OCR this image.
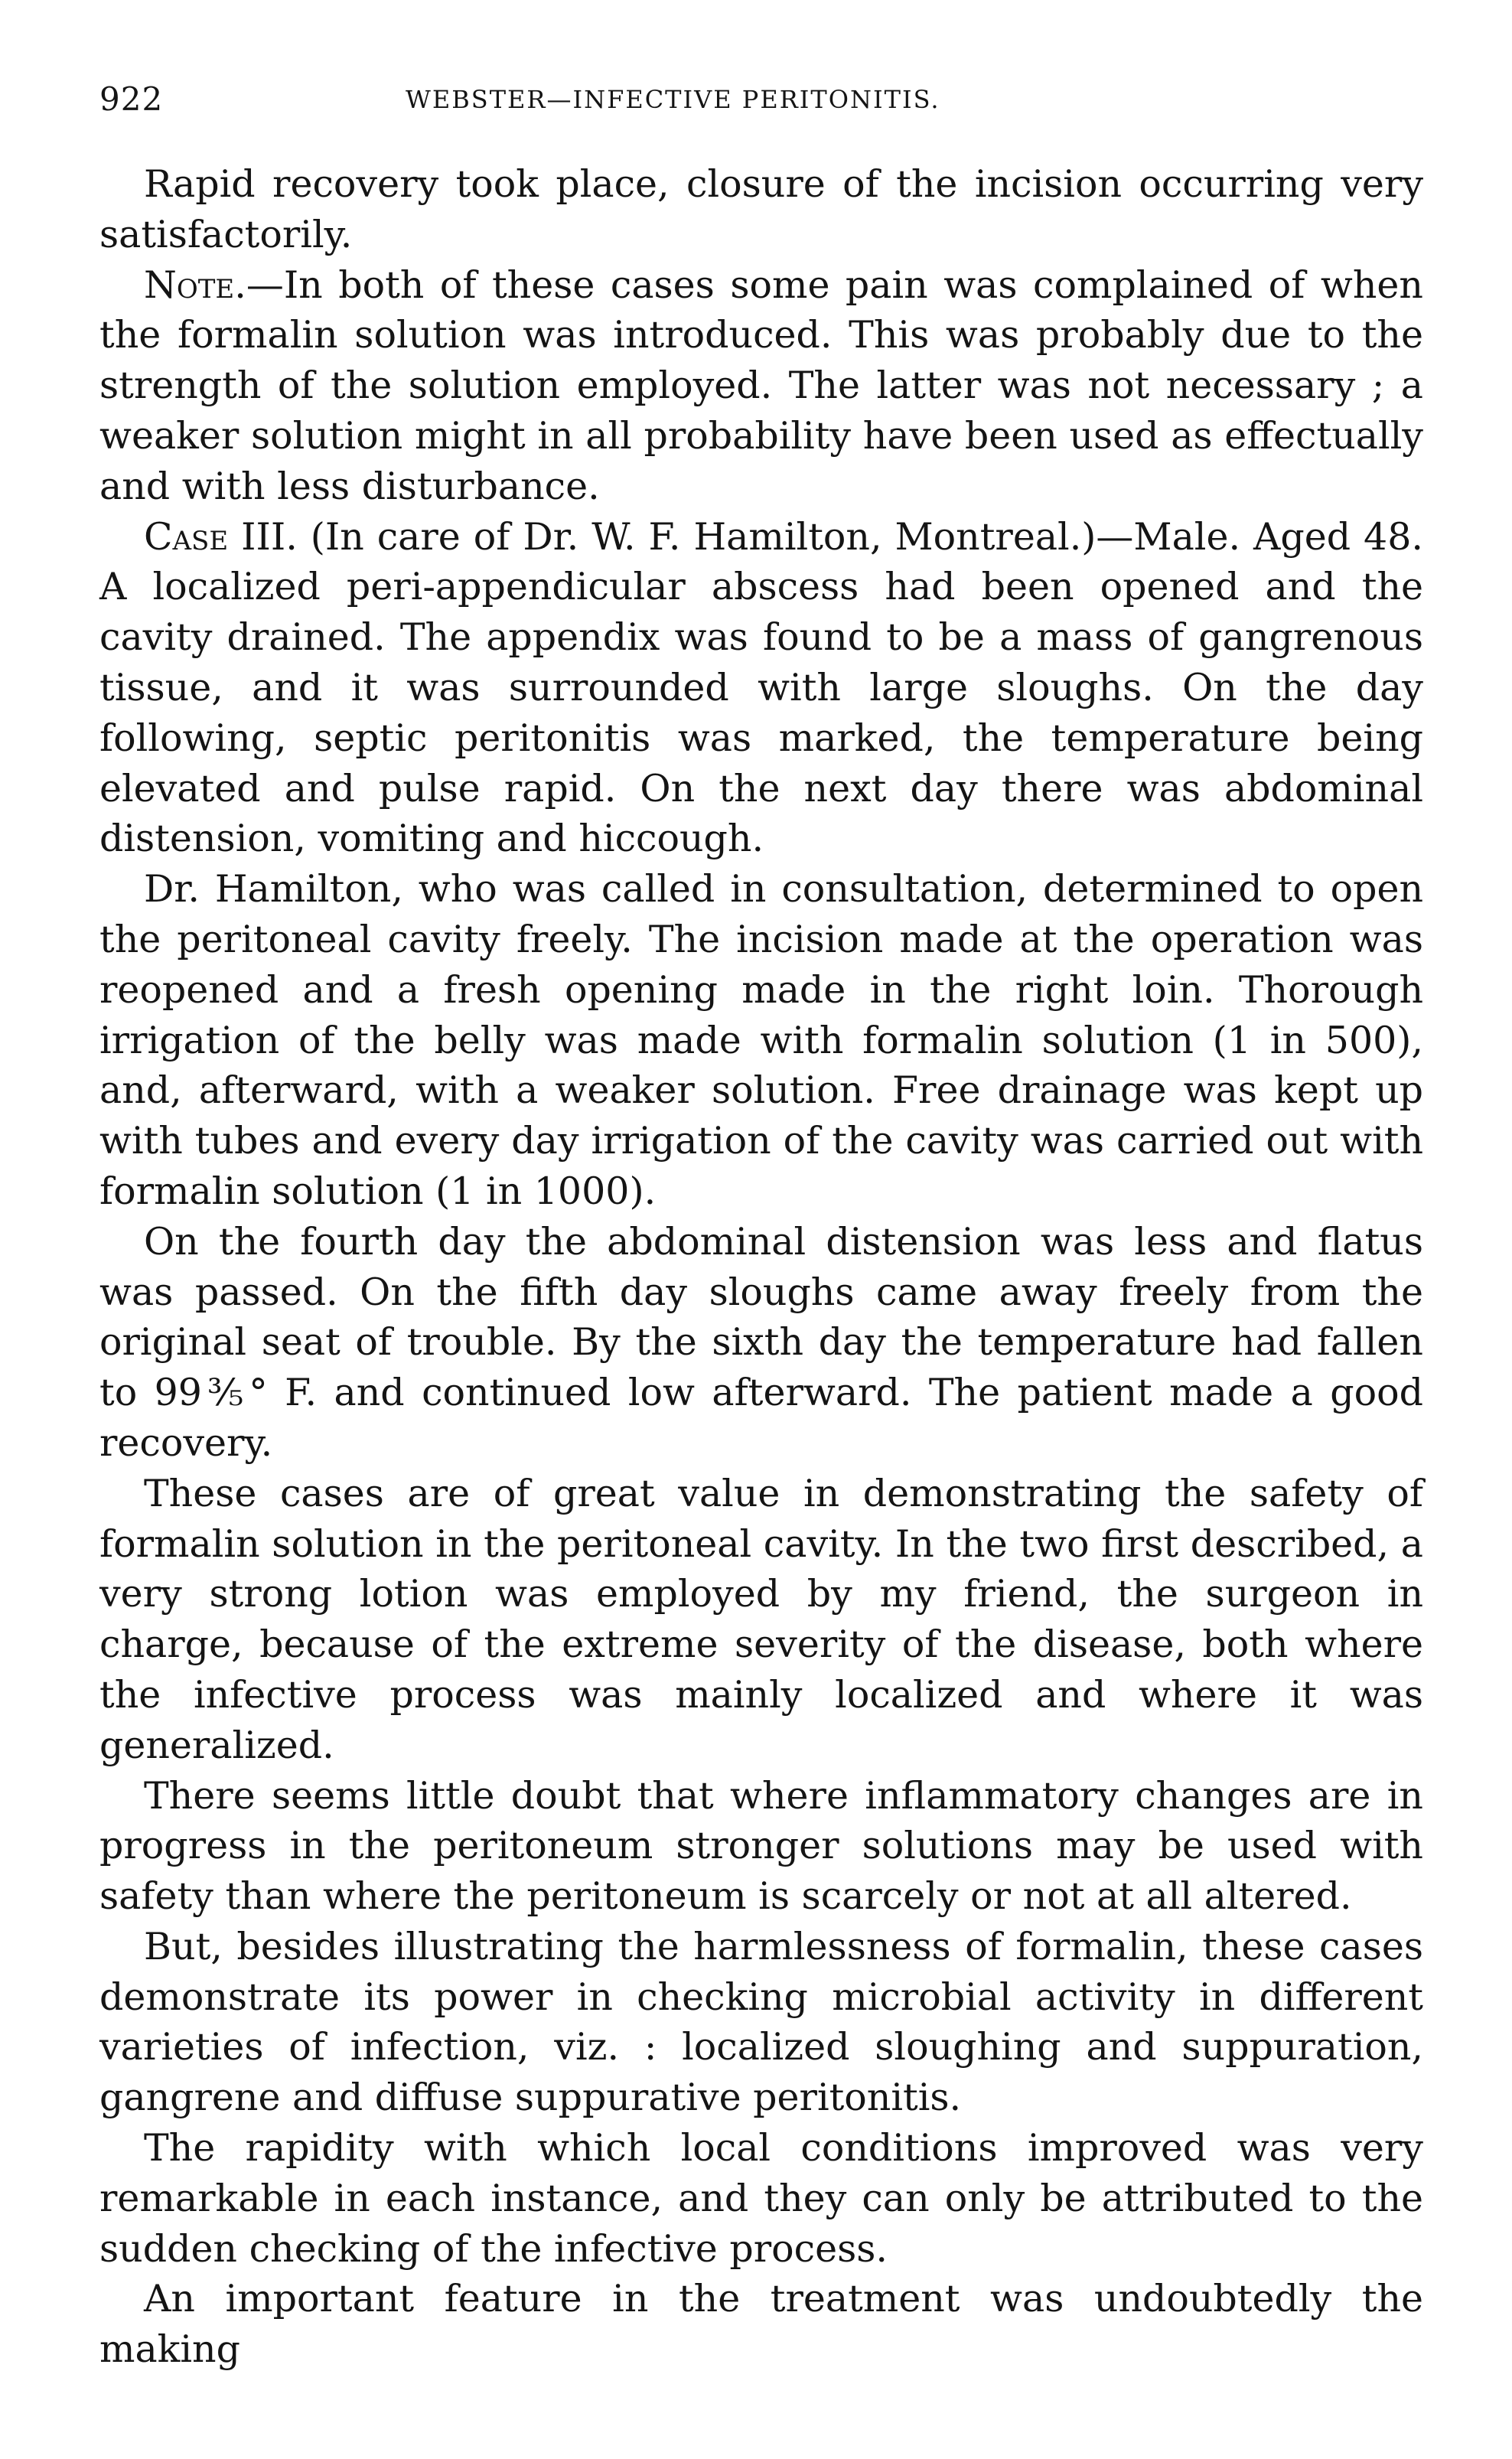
922	WEBSTER—INFECTIVE PERITONITIS.

Rapid recovery took place, closure of the incision occurring very satisfactorily.

Note.—In both of these cases some pain was complained of when the formalin solution was introduced. This was probably due to the strength of the solution employed. The latter was not necessary ; a weaker solution might in all probability have been used as effectually and with less disturbance.

Case III. (In care of Dr. W. F. Hamilton, Montreal.)—Male. Aged 48. A localized peri-appendicular abscess had been opened and the cavity drained. The appendix was found to be a mass of gangrenous tissue, and it was surrounded with large sloughs. On the day following, septic peritonitis was marked, the temperature being elevated and pulse rapid. On the next day there was abdominal distension, vomiting and hiccough.

Dr. Hamilton, who was called in consultation, determined to open the peritoneal cavity freely. The incision made at the operation was reopened and a fresh opening made in the right loin. Thorough irrigation of the belly was made with formalin solution (1 in 500), and, afterward, with a weaker solution. Free drainage was kept up with tubes and every day irrigation of the cavity was carried out with formalin solution (1 in 1000).

On the fourth day the abdominal distension was less and flatus was passed. On the fifth day sloughs came away freely from the original seat of trouble. By the sixth day the temperature had fallen to 99⅗° F. and continued low afterward. The patient made a good recovery.

These cases are of great value in demonstrating the safety of formalin solution in the peritoneal cavity. In the two first described, a very strong lotion was employed by my friend, the surgeon in charge, because of the extreme severity of the disease, both where the infective process was mainly localized and where it was generalized.

There seems little doubt that where inflammatory changes are in progress in the peritoneum stronger solutions may be used with safety than where the peritoneum is scarcely or not at all altered.

But, besides illustrating the harmlessness of formalin, these cases demonstrate its power in checking microbial activity in different varieties of infection, viz. : localized sloughing and suppuration, gangrene and diffuse suppurative peritonitis.

The rapidity with which local conditions improved was very remarkable in each instance, and they can only be attributed to the sudden checking of the infective process.

An important feature in the treatment was undoubtedly the making
